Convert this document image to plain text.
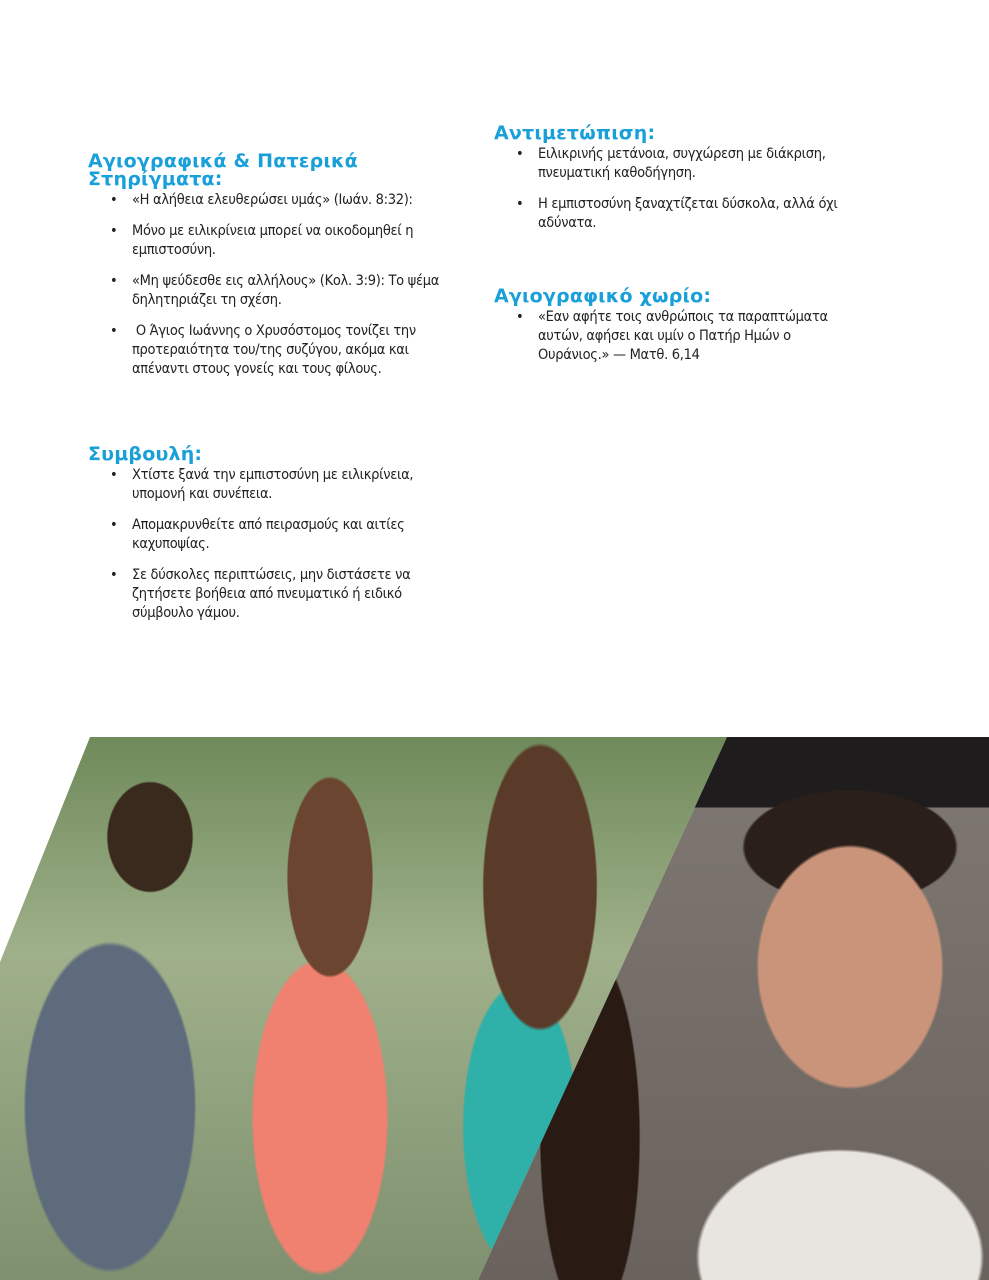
Αγιογραφικά & Πατερικά
Στηρίγματα:
• «Η αλήθεια ελευθερώσει υμάς» (Ιωάν. 8:32):
• Μόνο με ειλικρίνεια μπορεί να οικοδομηθεί η εμπιστοσύνη.
• «Μη ψεύδεσθε εις αλλήλους» (Κολ. 3:9): Το ψέμα δηλητηριάζει τη σχέση.
•  Ο Άγιος Ιωάννης ο Χρυσόστομος τονίζει την προτεραιότητα του/της συζύγου, ακόμα και απέναντι στους γονείς και τους φίλους.
Συμβουλή:
• Χτίστε ξανά την εμπιστοσύνη με ειλικρίνεια, υπομονή και συνέπεια.
• Απομακρυνθείτε από πειρασμούς και αιτίες καχυποψίας.
• Σε δύσκολες περιπτώσεις, μην διστάσετε να ζητήσετε βοήθεια από πνευματικό ή ειδικό σύμβουλο γάμου.
Αντιμετώπιση:
• Ειλικρινής μετάνοια, συγχώρεση με διάκριση, πνευματική καθοδήγηση.
• Η εμπιστοσύνη ξαναχτίζεται δύσκολα, αλλά όχι αδύνατα.
Αγιογραφικό χωρίο:
• «Εαν αφήτε τοις ανθρώποις τα παραπτώματα αυτών, αφήσει και υμίν ο Πατήρ Ημών ο Ουράνιος.» — Ματθ. 6,14
